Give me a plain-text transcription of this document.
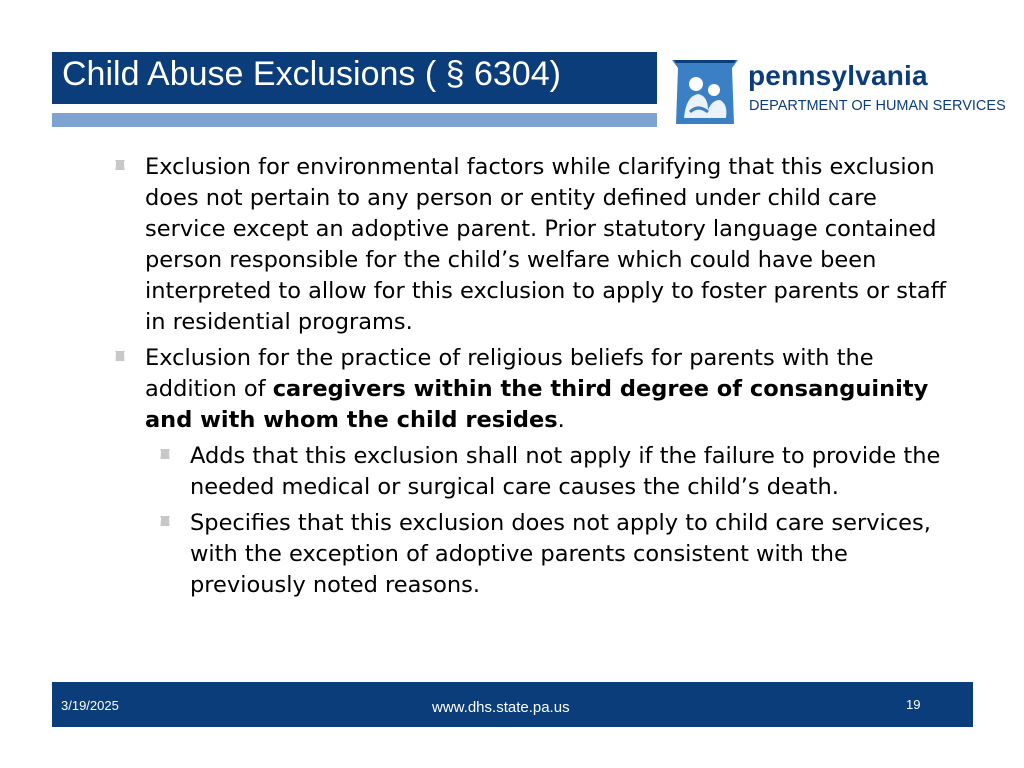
Child Abuse Exclusions ( § 6304)	pennsylvania
DEPARTMENT OF HUMAN SERVICES
Exclusion for environmental factors while clarifying that this exclusion does not pertain to any person or entity defined under child care service except an adoptive parent. Prior statutory language contained person responsible for the child’s welfare which could have been interpreted to allow for this exclusion to apply to foster parents or staff in residential programs.
Exclusion for the practice of religious beliefs for parents with the addition of caregivers within the third degree of consanguinity and with whom the child resides.
Adds that this exclusion shall not apply if the failure to provide the needed medical or surgical care causes the child’s death.
Specifies that this exclusion does not apply to child care services, with the exception of adoptive parents consistent with the previously noted reasons.
3/19/2025	www.dhs.state.pa.us	19
